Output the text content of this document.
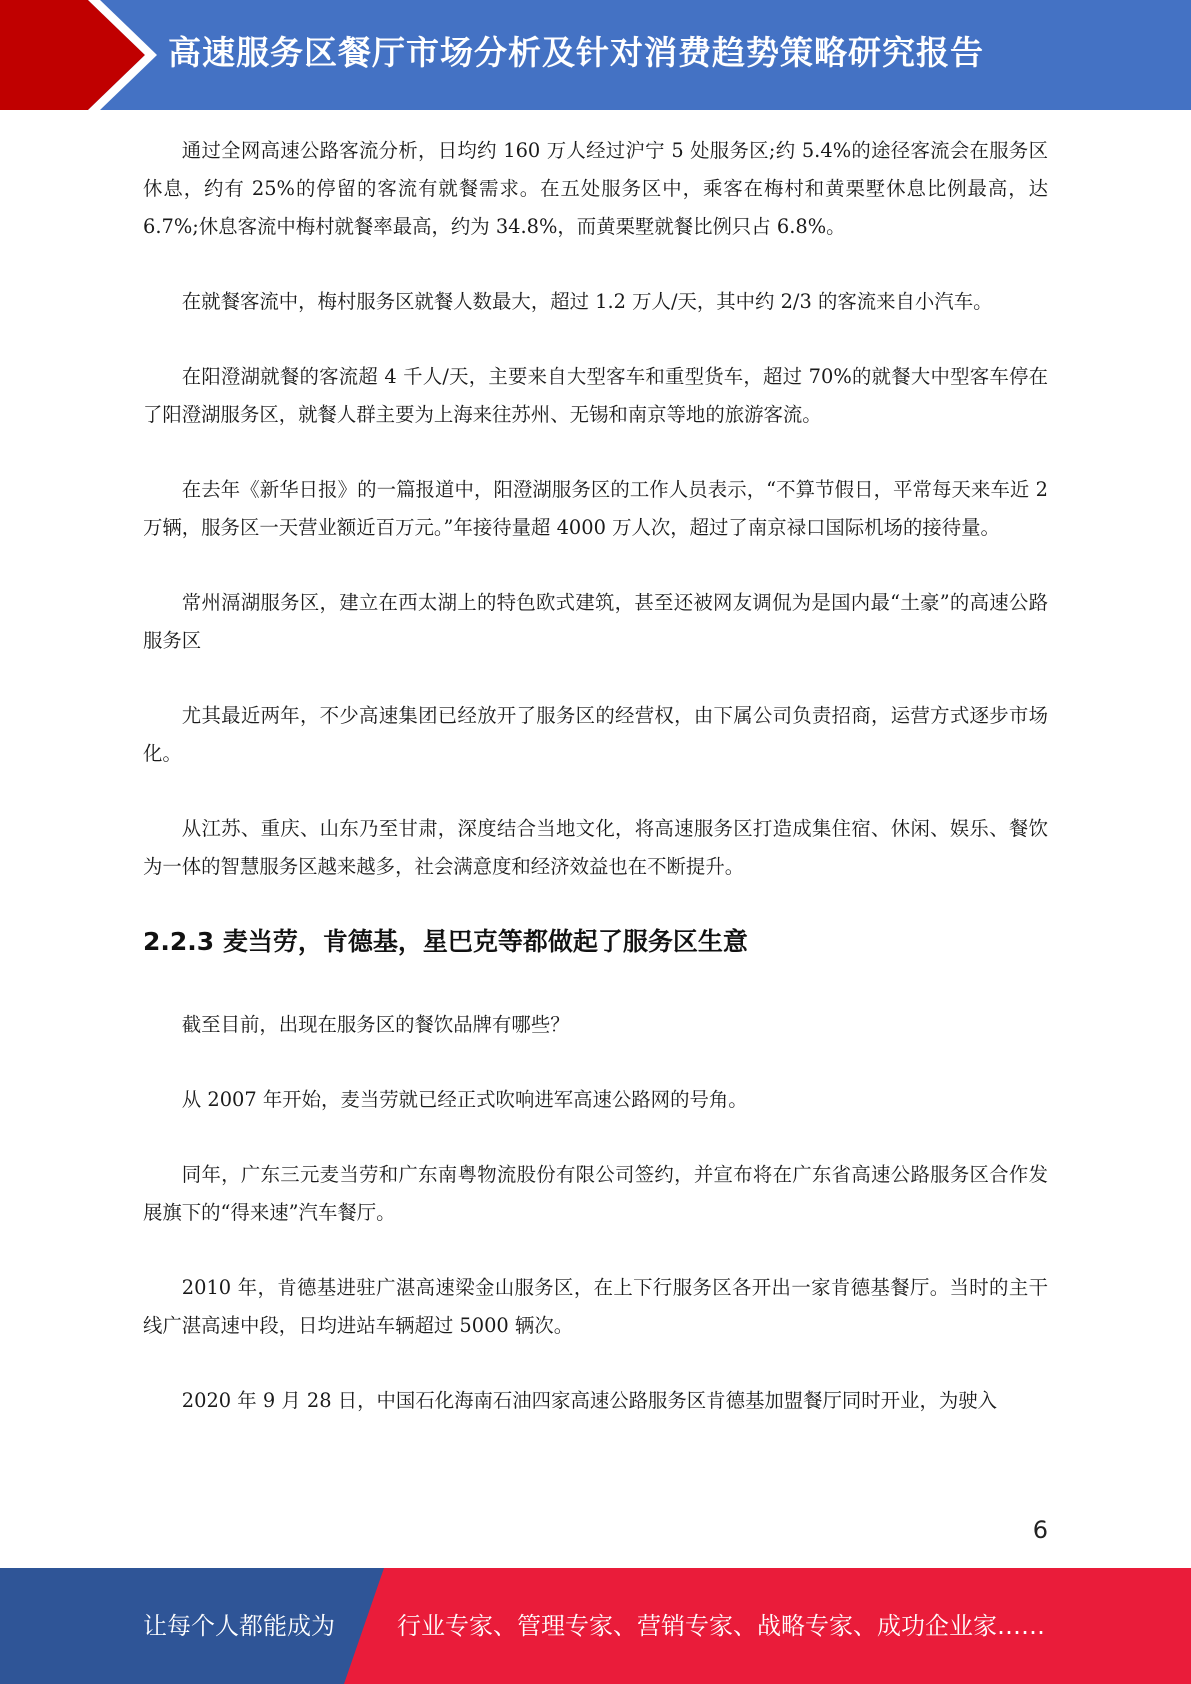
高速服务区餐厅市场分析及针对消费趋势策略研究报告

通过全网高速公路客流分析，日均约 160 万人经过沪宁 5 处服务区;约 5.4%的途径客流会在服务区休息，约有 25%的停留的客流有就餐需求。在五处服务区中，乘客在梅村和黄栗墅休息比例最高，达 6.7%;休息客流中梅村就餐率最高，约为 34.8%，而黄栗墅就餐比例只占 6.8%。

在就餐客流中，梅村服务区就餐人数最大，超过 1.2 万人/天，其中约 2/3 的客流来自小汽车。

在阳澄湖就餐的客流超 4 千人/天，主要来自大型客车和重型货车，超过 70%的就餐大中型客车停在了阳澄湖服务区，就餐人群主要为上海来往苏州、无锡和南京等地的旅游客流。

在去年《新华日报》的一篇报道中，阳澄湖服务区的工作人员表示，“不算节假日，平常每天来车近 2 万辆，服务区一天营业额近百万元。”年接待量超 4000 万人次，超过了南京禄口国际机场的接待量。

常州滆湖服务区，建立在西太湖上的特色欧式建筑，甚至还被网友调侃为是国内最“土豪”的高速公路服务区

尤其最近两年，不少高速集团已经放开了服务区的经营权，由下属公司负责招商，运营方式逐步市场化。

从江苏、重庆、山东乃至甘肃，深度结合当地文化，将高速服务区打造成集住宿、休闲、娱乐、餐饮为一体的智慧服务区越来越多，社会满意度和经济效益也在不断提升。

2.2.3 麦当劳，肯德基，星巴克等都做起了服务区生意

截至目前，出现在服务区的餐饮品牌有哪些？

从 2007 年开始，麦当劳就已经正式吹响进军高速公路网的号角。

同年，广东三元麦当劳和广东南粤物流股份有限公司签约，并宣布将在广东省高速公路服务区合作发展旗下的“得来速”汽车餐厅。

2010 年，肯德基进驻广湛高速梁金山服务区，在上下行服务区各开出一家肯德基餐厅。当时的主干线广湛高速中段，日均进站车辆超过 5000 辆次。

2020 年 9 月 28 日，中国石化海南石油四家高速公路服务区肯德基加盟餐厅同时开业，为驶入

6
让每个人都能成为	行业专家、管理专家、营销专家、战略专家、成功企业家……
